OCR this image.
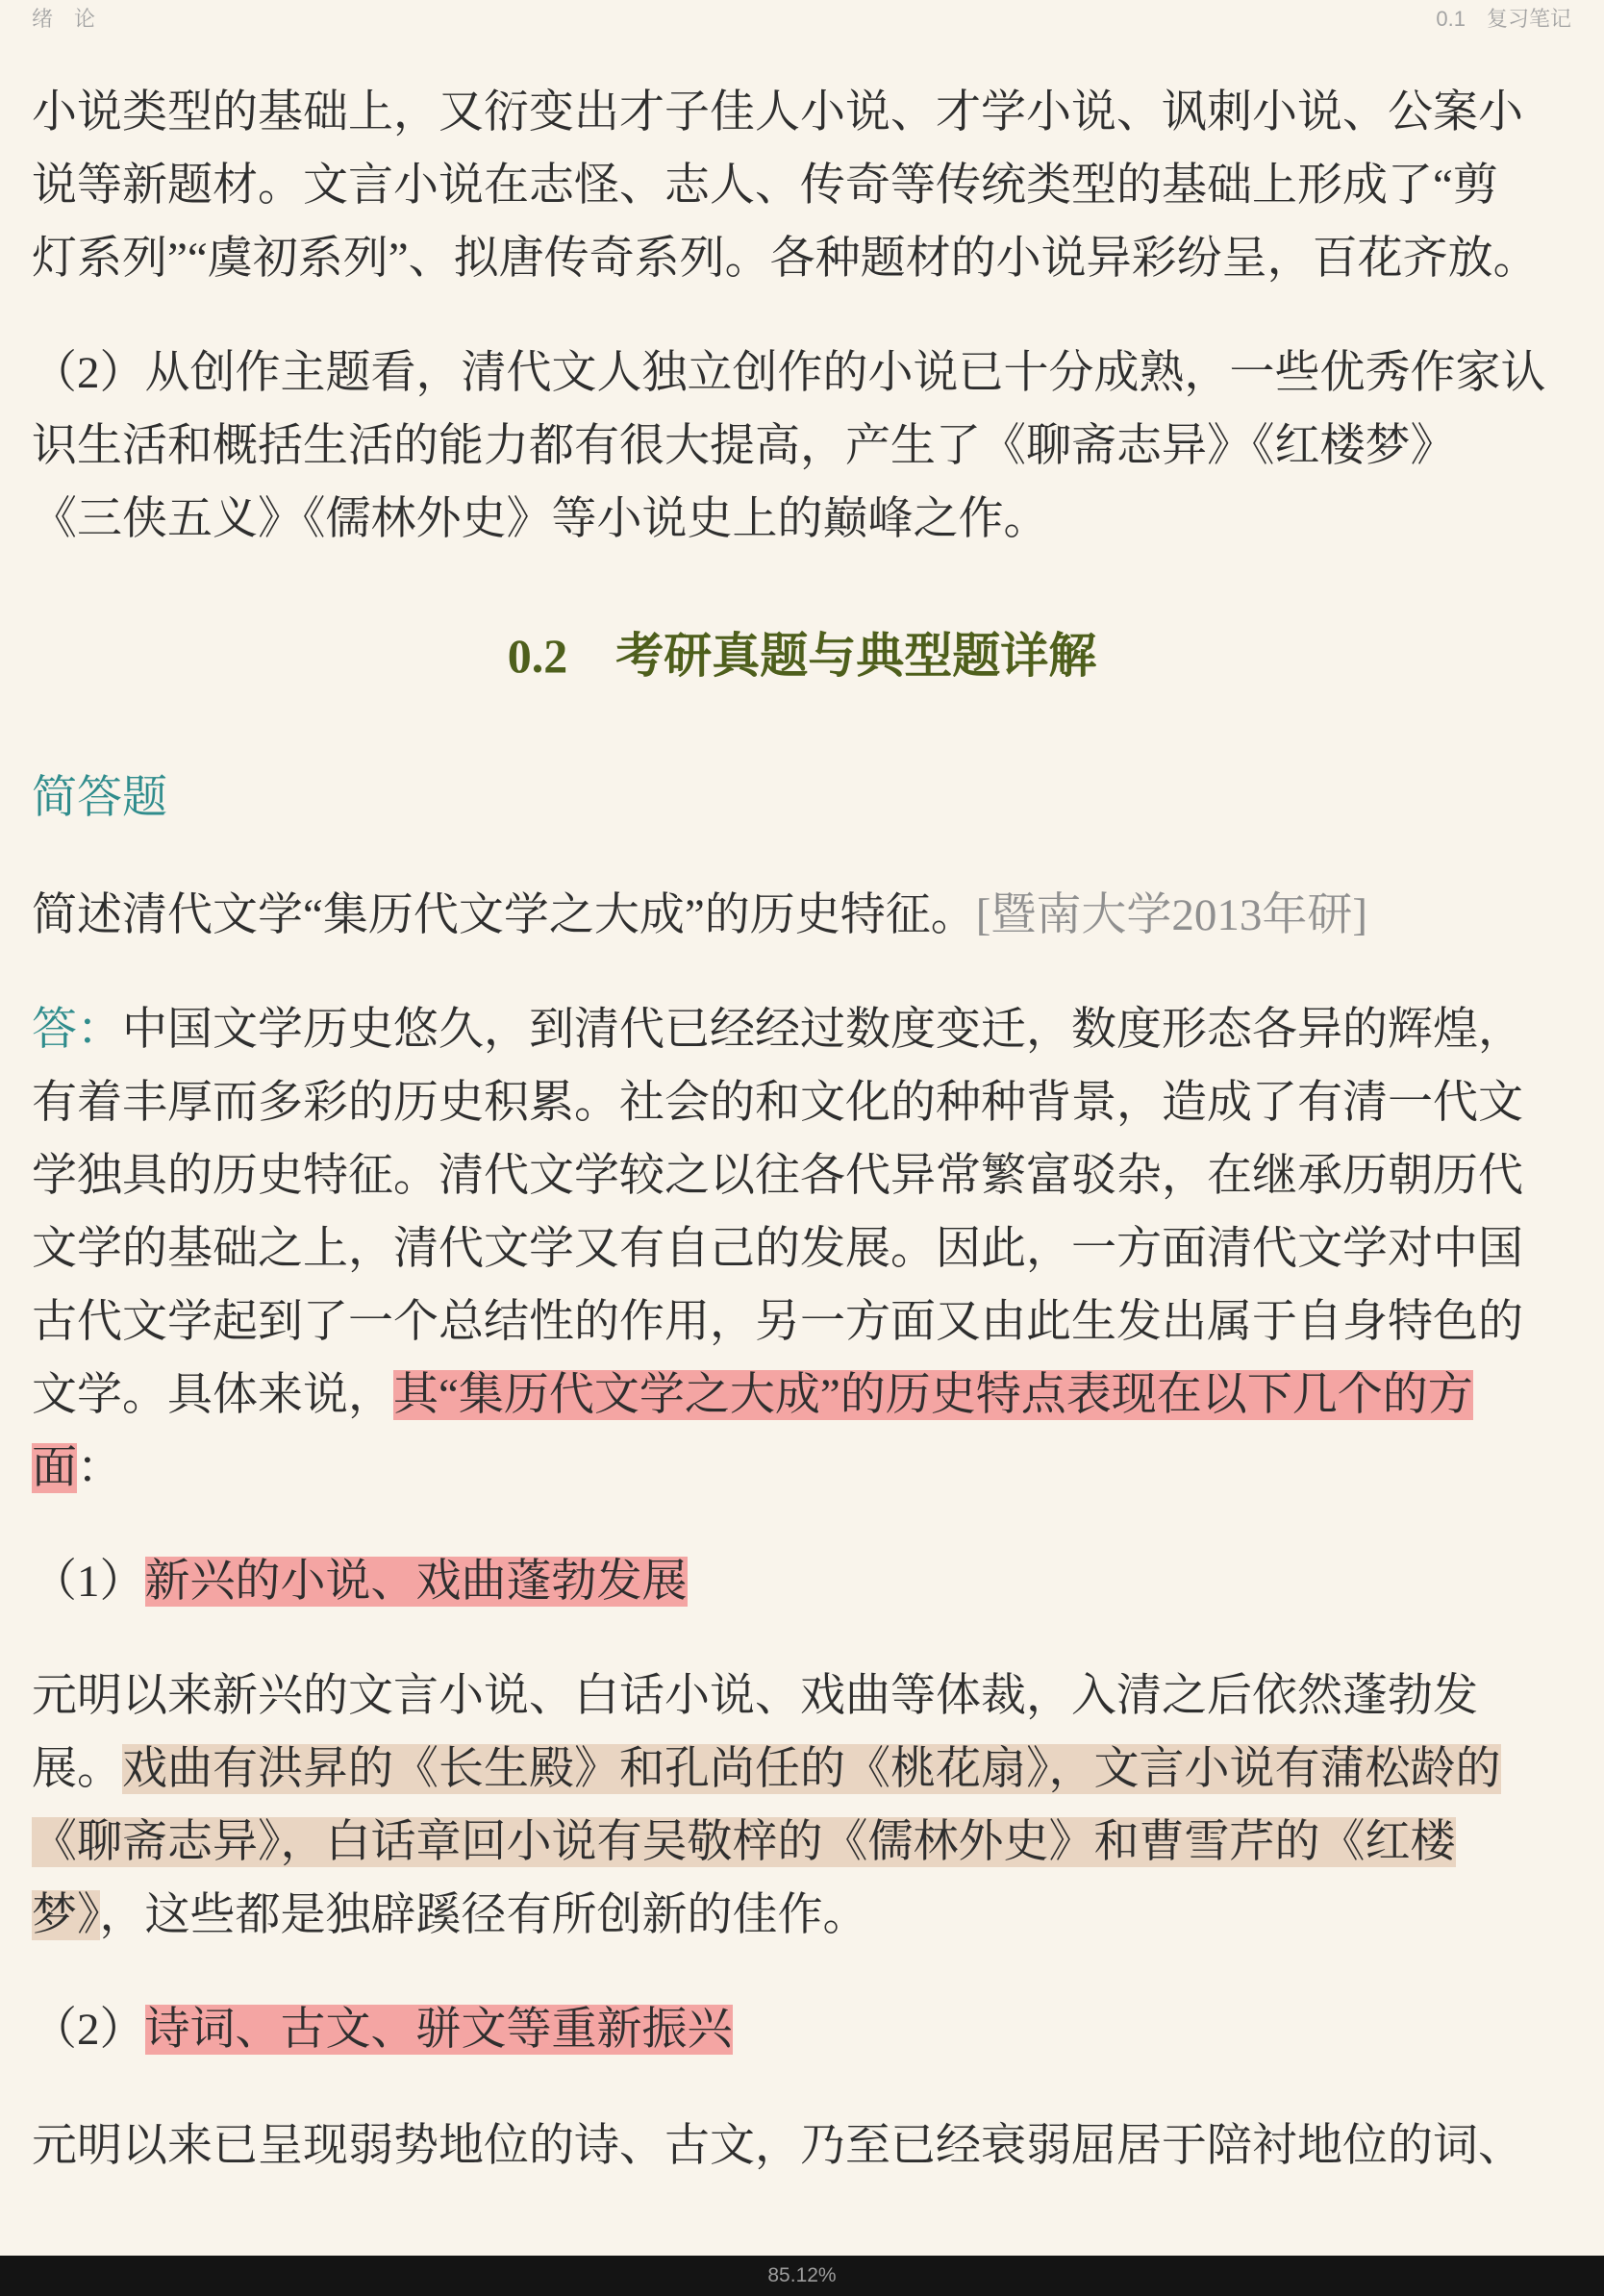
绪　论	0.1　复习笔记
小说类型的基础上，又衍变出才子佳人小说、才学小说、讽刺小说、公案小
说等新题材。文言小说在志怪、志人、传奇等传统类型的基础上形成了“剪
灯系列”“虞初系列”、拟唐传奇系列。各种题材的小说异彩纷呈，百花齐放。
（2）从创作主题看，清代文人独立创作的小说已十分成熟，一些优秀作家认
识生活和概括生活的能力都有很大提高，产生了《聊斋志异》《红楼梦》
《三侠五义》《儒林外史》等小说史上的巅峰之作。
0.2　考研真题与典型题详解
简答题
简述清代文学“集历代文学之大成”的历史特征。[暨南大学2013年研]
答：中国文学历史悠久，到清代已经经过数度变迁，数度形态各异的辉煌，
有着丰厚而多彩的历史积累。社会的和文化的种种背景，造成了有清一代文
学独具的历史特征。清代文学较之以往各代异常繁富驳杂，在继承历朝历代
文学的基础之上，清代文学又有自己的发展。因此，一方面清代文学对中国
古代文学起到了一个总结性的作用，另一方面又由此生发出属于自身特色的
文学。具体来说，其“集历代文学之大成”的历史特点表现在以下几个的方
面：
（1）新兴的小说、戏曲蓬勃发展
元明以来新兴的文言小说、白话小说、戏曲等体裁，入清之后依然蓬勃发
展。戏曲有洪昇的《长生殿》和孔尚任的《桃花扇》，文言小说有蒲松龄的
《聊斋志异》，白话章回小说有吴敬梓的《儒林外史》和曹雪芹的《红楼
梦》，这些都是独辟蹊径有所创新的佳作。
（2）诗词、古文、骈文等重新振兴
元明以来已呈现弱势地位的诗、古文，乃至已经衰弱屈居于陪衬地位的词、
85.12%
